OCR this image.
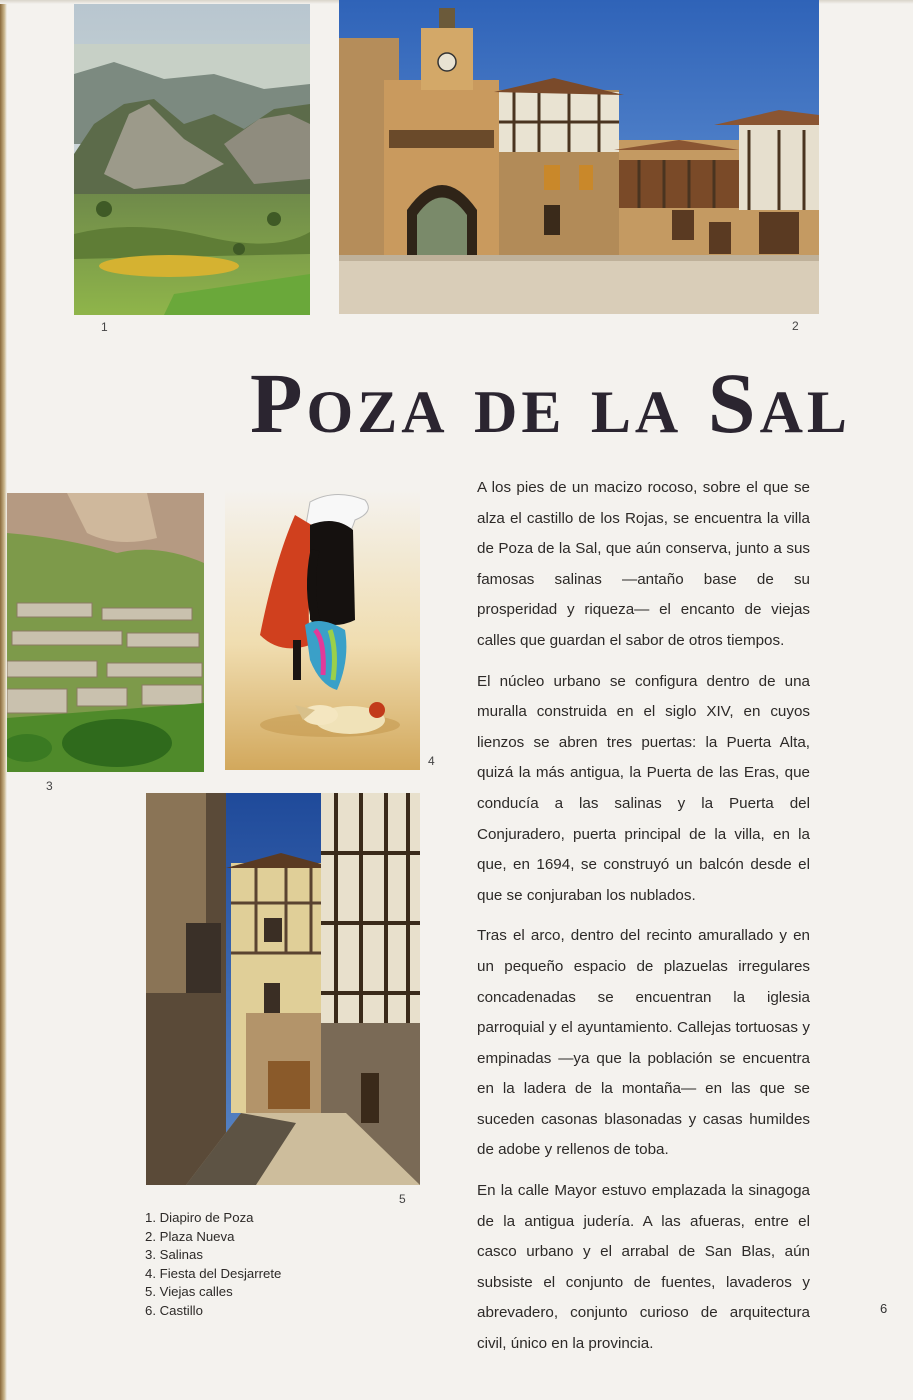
1	2
Poza de la Sal
3
4
5

A los pies de un macizo rocoso, sobre el que se alza el castillo de los Rojas, se encuentra la villa de Poza de la Sal, que aún conserva, junto a sus famosas salinas —antaño base de su prosperidad y riqueza— el encanto de viejas calles que guardan el sabor de otros tiempos.

El núcleo urbano se configura dentro de una muralla construida en el siglo XIV, en cuyos lienzos se abren tres puertas: la Puerta Alta, quizá la más antigua, la Puerta de las Eras, que conducía a las salinas y la Puerta del Conjuradero, puerta principal de la villa, en la que, en 1694, se construyó un balcón desde el que se conjuraban los nublados.

Tras el arco, dentro del recinto amurallado y en un pequeño espacio de plazuelas irregulares concadenadas se encuentran la iglesia parroquial y el ayuntamiento. Callejas tortuosas y empinadas —ya que la población se encuentra en la ladera de la montaña— en las que se suceden casonas blasonadas y casas humildes de adobe y rellenos de toba.

En la calle Mayor estuvo emplazada la sinagoga de la antigua judería. A las afueras, entre el casco urbano y el arrabal de San Blas, aún subsiste el conjunto de fuentes, lavaderos y abrevadero, conjunto curioso de arquitectura civil, único en la provincia.

1. Diapiro de Poza
2. Plaza Nueva
3. Salinas
4. Fiesta del Desjarrete
5. Viejas calles
6. Castillo	6
